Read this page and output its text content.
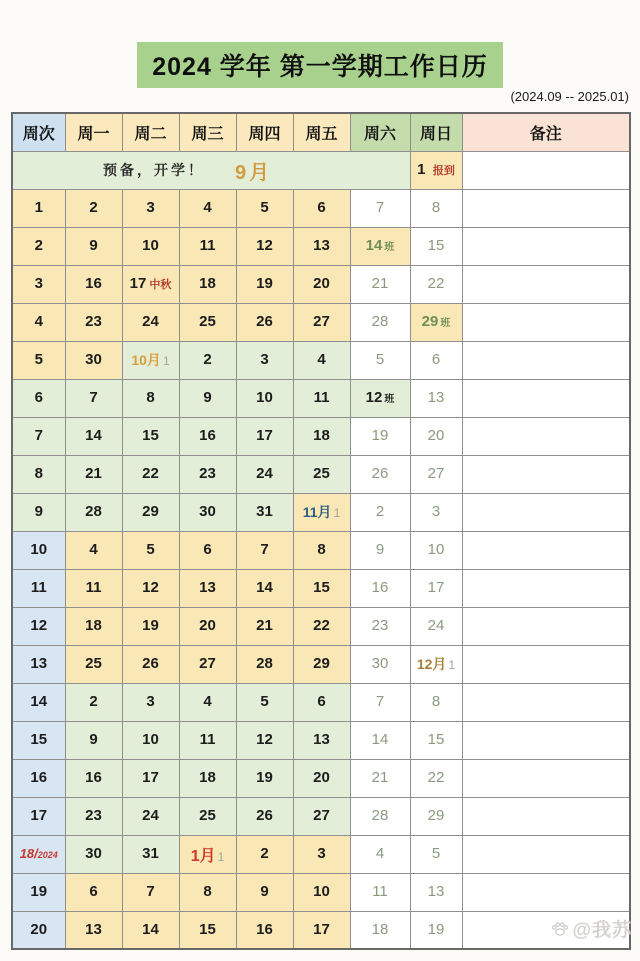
2024 学年 第一学期工作日历
(2024.09 -- 2025.01)
周次	周一	周二	周三	周四	周五	周六	周日	备注

预备，开学！ 9月							1 报到	
1	2	3	4	5	6	7	8	
2	9	10	11	12	13	14 班	15	
3	16	17 中秋	18	19	20	21	22	
4	23	24	25	26	27	28	29 班	
5	30	10月 1	2	3	4	5	6	
6	7	8	9	10	11	12 班	13	
7	14	15	16	17	18	19	20	
8	21	22	23	24	25	26	27	
9	28	29	30	31	11月 1	2	3	
10	4	5	6	7	8	9	10	
11	11	12	13	14	15	16	17	
12	18	19	20	21	22	23	24	
13	25	26	27	28	29	30	12月 1	
14	2	3	4	5	6	7	8	
15	9	10	11	12	13	14	15	
16	16	17	18	19	20	21	22	
17	23	24	25	26	27	28	29	
18/2024	30	31	1月 1	2	3	4	5	
19	6	7	8	9	10	11	13	
20	13	14	15	16	17	18	19		@我苏
